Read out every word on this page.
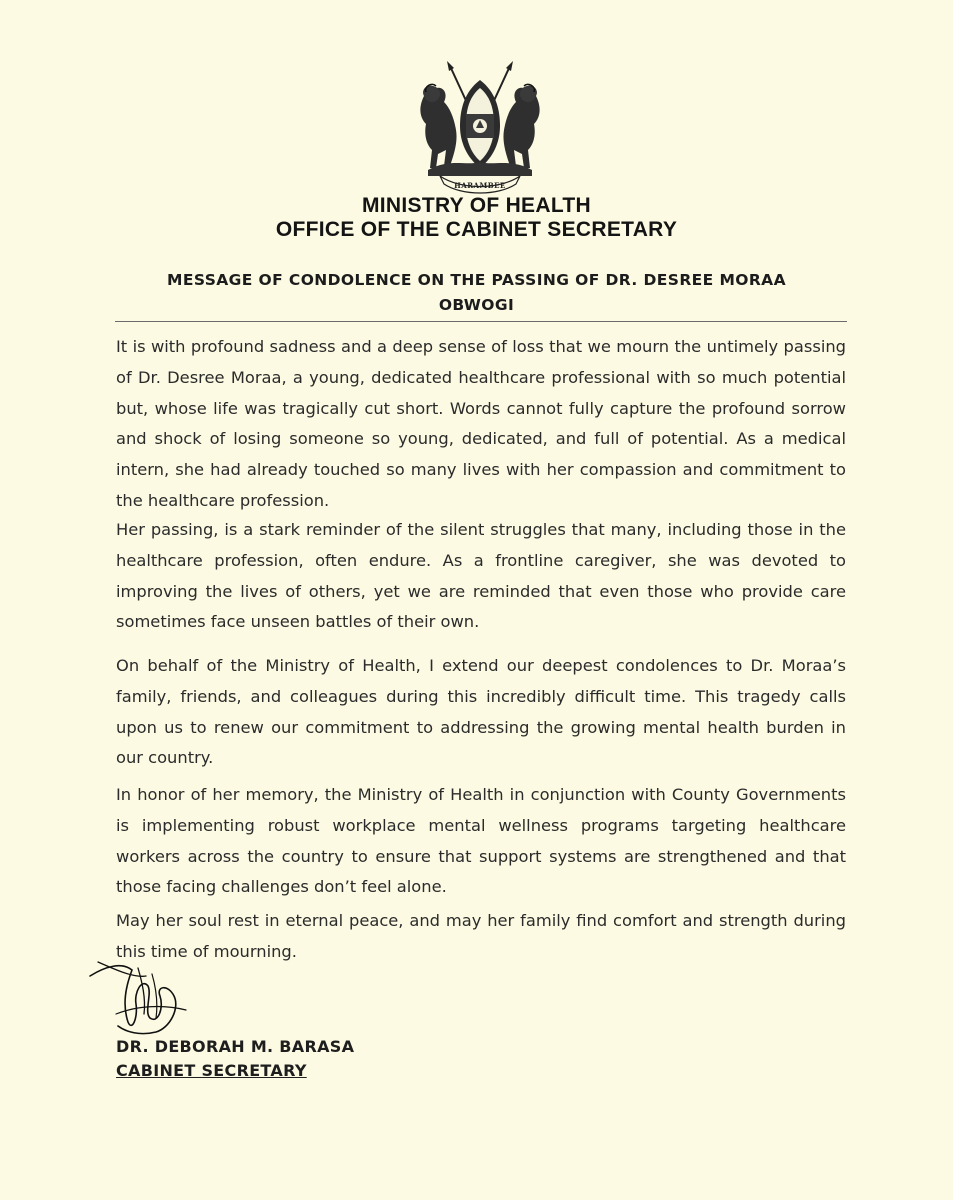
HARAMBEE
MINISTRY OF HEALTH
OFFICE OF THE CABINET SECRETARY
MESSAGE OF CONDOLENCE ON THE PASSING OF DR. DESREE MORAA
OBWOGI

It is with profound sadness and a deep sense of loss that we mourn the untimely passing of Dr. Desree Moraa, a young, dedicated healthcare professional with so much potential but, whose life was tragically cut short. Words cannot fully capture the profound sorrow and shock of losing someone so young, dedicated, and full of potential. As a medical intern, she had already touched so many lives with her compassion and commitment to the healthcare profession.

Her passing, is a stark reminder of the silent struggles that many, including those in the healthcare profession, often endure. As a frontline caregiver, she was devoted to improving the lives of others, yet we are reminded that even those who provide care sometimes face unseen battles of their own.

On behalf of the Ministry of Health, I extend our deepest condolences to Dr. Moraa’s family, friends, and colleagues during this incredibly difficult time. This tragedy calls upon us to renew our commitment to addressing the growing mental health burden in our country.

In honor of her memory, the Ministry of Health in conjunction with County Governments is implementing robust workplace mental wellness programs targeting healthcare workers across the country to ensure that support systems are strengthened and that those facing challenges don’t feel alone.

May her soul rest in eternal peace, and may her family find comfort and strength during this time of mourning.

DR. DEBORAH M. BARASA
CABINET SECRETARY
